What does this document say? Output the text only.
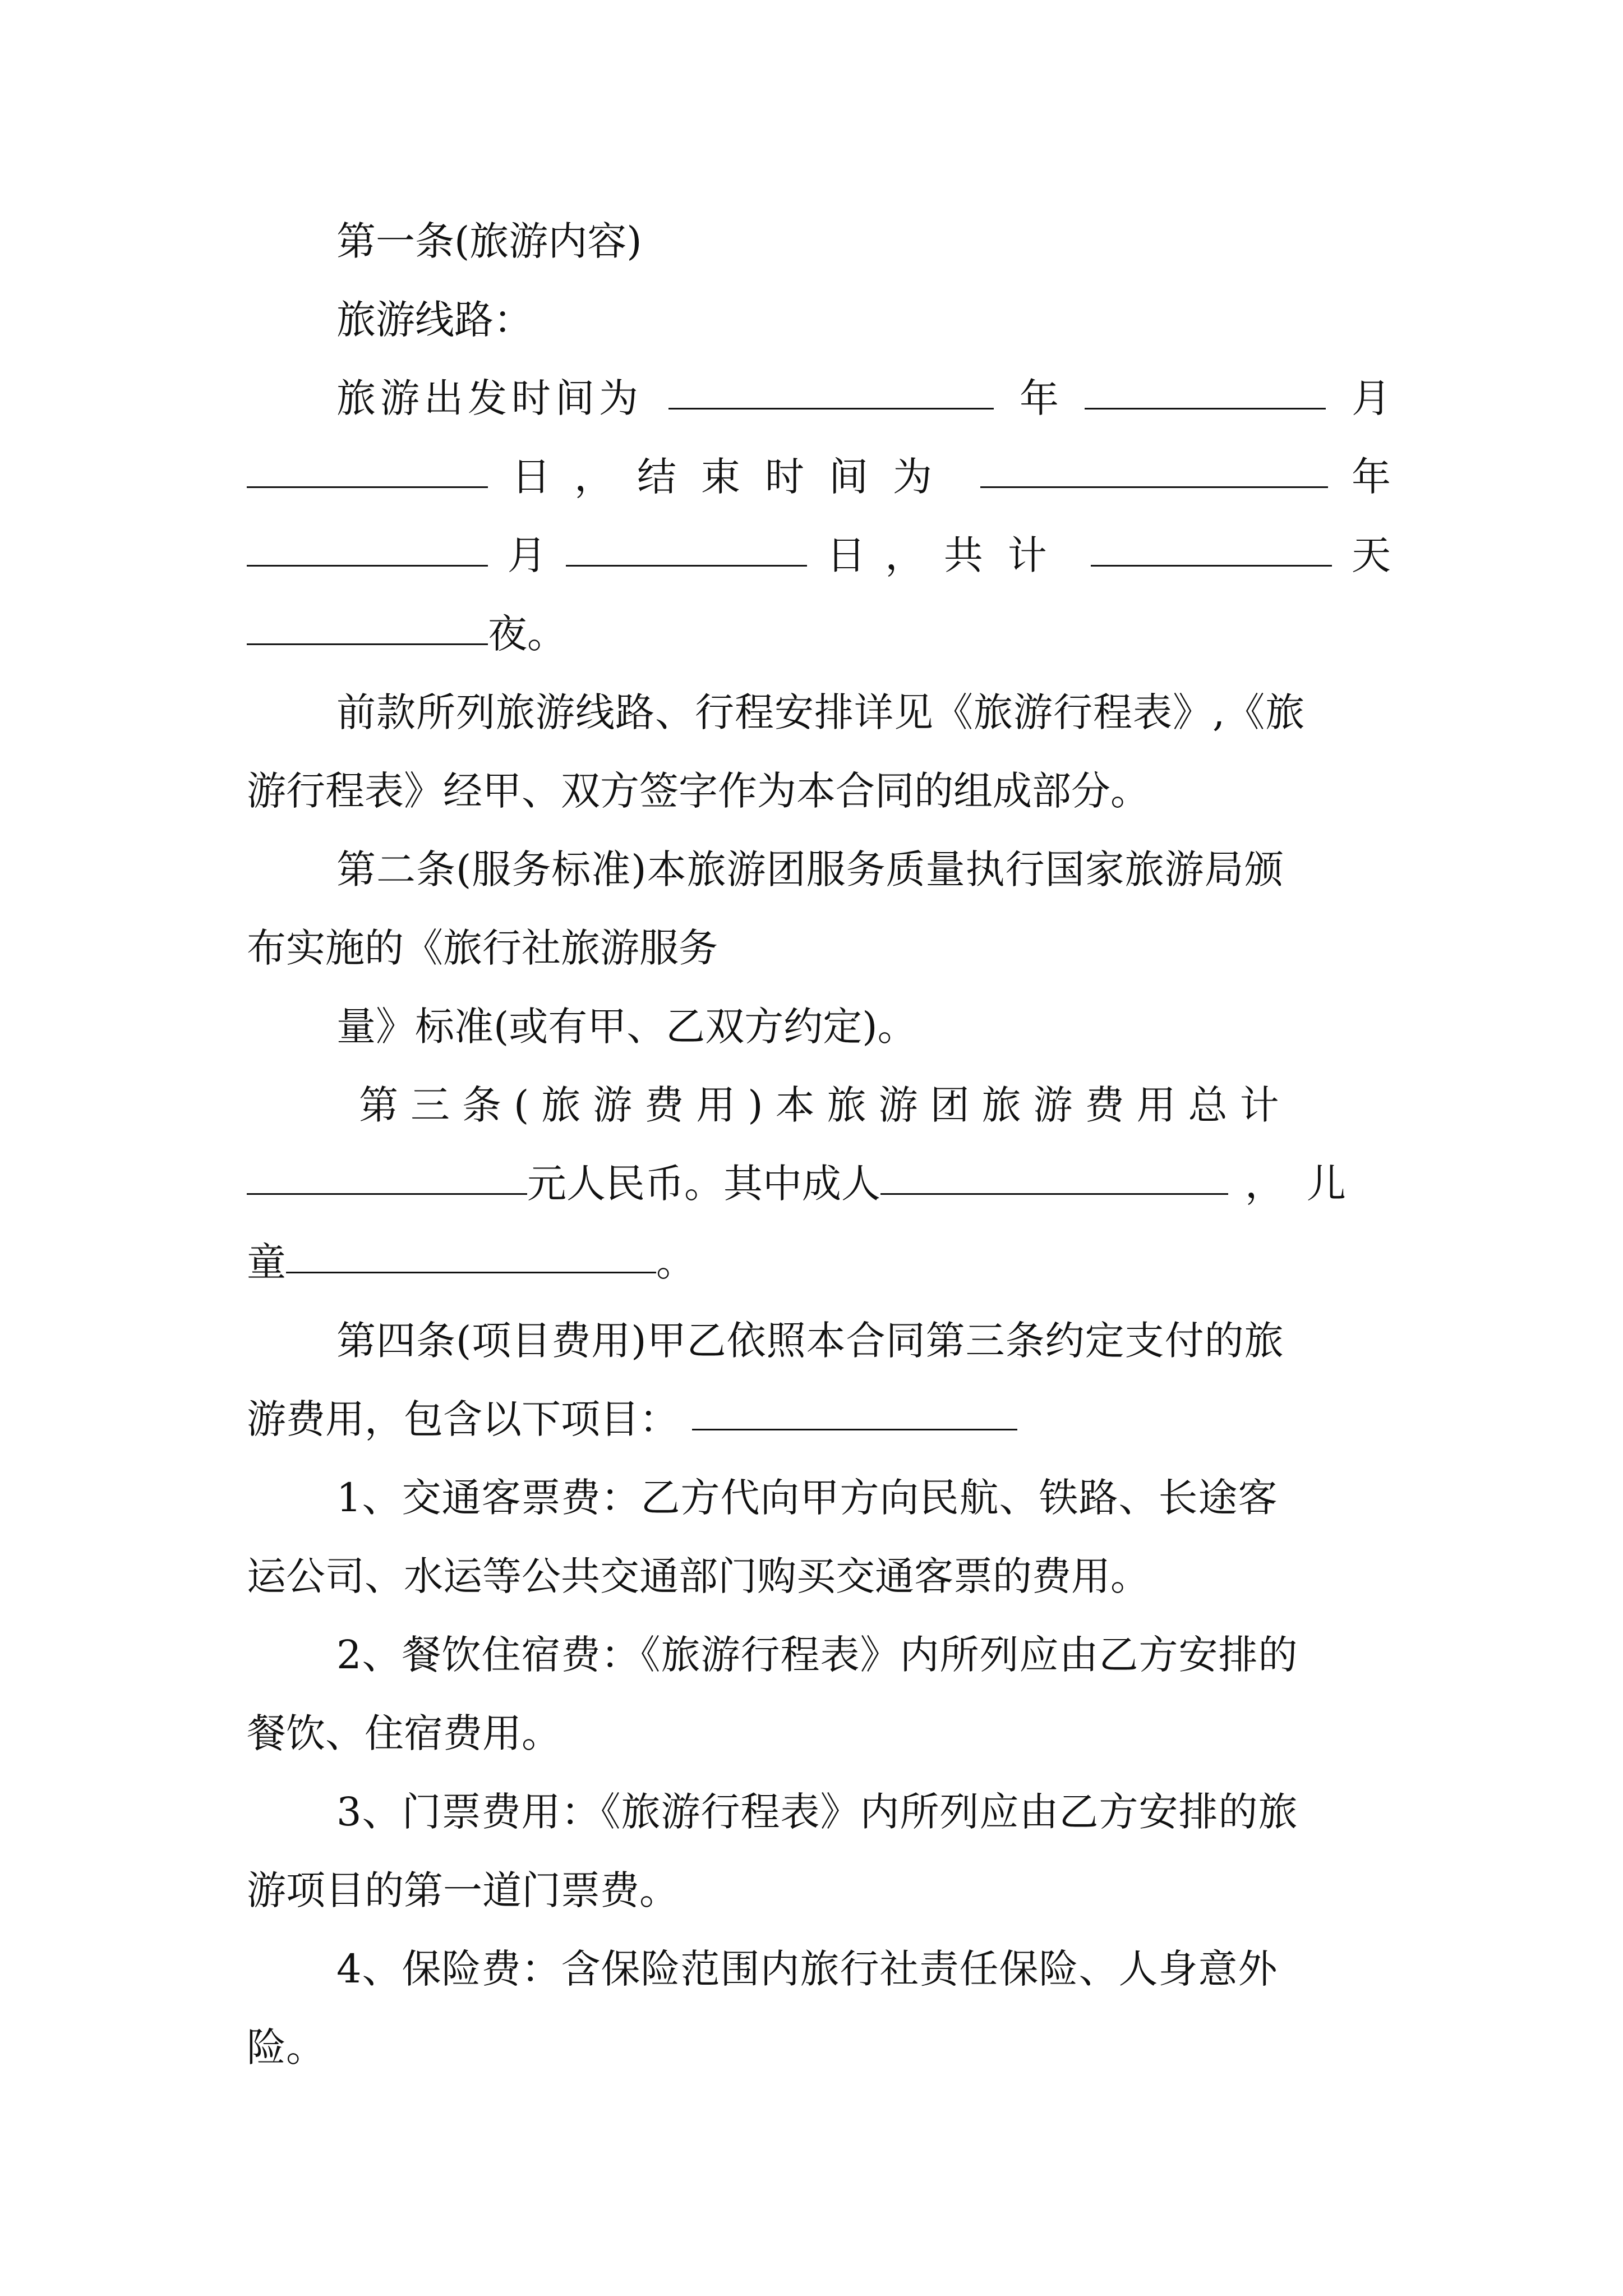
第一条(旅游内容)
旅游线路：
旅游出发时间为	年	月
日 ， 结束时间为	年
月	日 ， 共计	天
夜。
前款所列旅游线路、行程安排详见《旅游行程表》,《旅
游行程表》经甲、双方签字作为本合同的组成部分。
第二条(服务标准)本旅游团服务质量执行国家旅游局颁
布实施的《旅行社旅游服务
量》标准(或有甲、乙双方约定)。
第三条(旅游费用)本旅游团旅游费用总计
元人民币。其中成人	，儿
童	。
第四条(项目费用)甲乙依照本合同第三条约定支付的旅
游费用，包含以下项目：
1、交通客票费：乙方代向甲方向民航、铁路、长途客
运公司、水运等公共交通部门购买交通客票的费用。
2、餐饮住宿费：《旅游行程表》内所列应由乙方安排的
餐饮、住宿费用。
3、门票费用：《旅游行程表》内所列应由乙方安排的旅
游项目的第一道门票费。
4、保险费：含保险范围内旅行社责任保险、人身意外
险。
